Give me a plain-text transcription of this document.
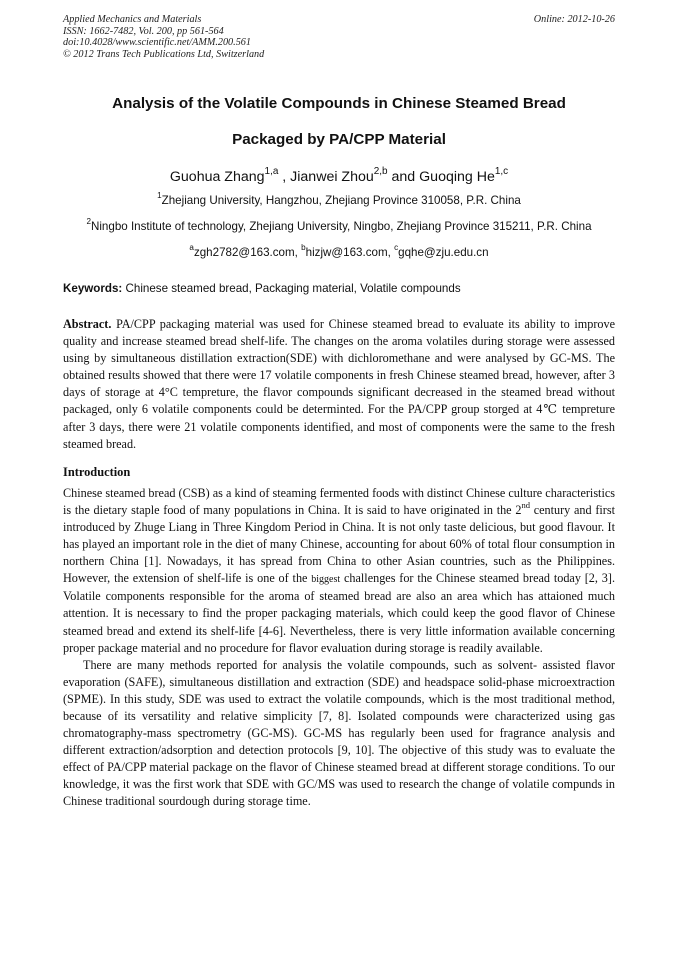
Applied Mechanics and Materials
ISSN: 1662-7482, Vol. 200, pp 561-564
doi:10.4028/www.scientific.net/AMM.200.561
© 2012 Trans Tech Publications Ltd, Switzerland
Online: 2012-10-26
Analysis of the Volatile Compounds in Chinese Steamed Bread
Packaged by PA/CPP Material
Guohua Zhang$^{1,a}$ , Jianwei Zhou$^{2,b}$ and Guoqing He$^{1,c}$
$^1$Zhejiang University, Hangzhou, Zhejiang Province 310058, P.R. China
$^2$Ningbo Institute of technology, Zhejiang University, Ningbo, Zhejiang Province 315211, P.R. China
$^a$zgh2782@163.com, $^b$hizjw@163.com, $^c$gqhe@zju.edu.cn
Keywords: Chinese steamed bread, Packaging material, Volatile compounds
Abstract. PA/CPP packaging material was used for Chinese steamed bread to evaluate its ability to improve quality and increase steamed bread shelf-life. The changes on the aroma volatiles during storage were assessed using by simultaneous distillation extraction(SDE) with dichloromethane and were analysed by GC-MS. The obtained results showed that there were 17 volatile components in fresh Chinese steamed bread, however, after 3 days of storage at 4°C tempreture, the flavor compounds significant decreased in the steamed bread without packaged, only 6 volatile components could be determinted. For the PA/CPP group storged at 4℃ tempreture after 3 days, there were 21 volatile components identified, and most of components were the same to the fresh steamed bread.
Introduction
Chinese steamed bread (CSB) as a kind of steaming fermented foods with distinct Chinese culture characteristics is the dietary staple food of many populations in China. It is said to have originated in the 2nd century and first introduced by Zhuge Liang in Three Kingdom Period in China. It is not only taste delicious, but good flavour. It has played an important role in the diet of many Chinese, accounting for about 60% of total flour consumption in northern China [1]. Nowadays, it has spread from China to other Asian countries, such as the Philippines. However, the extension of shelf-life is one of the biggest challenges for the Chinese steamed bread today [2, 3]. Volatile components responsible for the aroma of steamed bread are also an area which has attaioned much attention. It is necessary to find the proper packaging materials, which could keep the good flavor of Chinese steamed bread and extend its shelf-life [4-6]. Nevertheless, there is very little information available concerning proper package material and no procedure for flavor evaluation during storage is readily available.
There are many methods reported for analysis the volatile compounds, such as solvent- assisted flavor evaporation (SAFE), simultaneous distillation and extraction (SDE) and headspace solid-phase microextraction (SPME). In this study, SDE was used to extract the volatile compounds, which is the most traditional method, because of its versatility and relative simplicity [7, 8]. Isolated compounds were characterized using gas chromatography-mass spectrometry (GC-MS). GC-MS has regularly been used for fragrance analysis and different extraction/adsorption and detection protocols [9, 10]. The objective of this study was to evaluate the effect of PA/CPP material package on the flavor of Chinese steamed bread at different storage conditions. To our knowledge, it was the first work that SDE with GC/MS was used to research the change of volatile compunds in Chinese traditional sourdough during storage time.
